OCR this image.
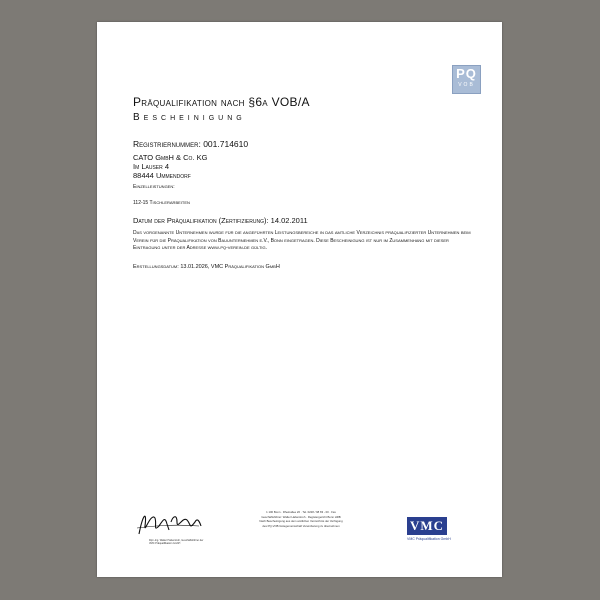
PQ
VOB
Präqualifikation nach §6a VOB/A
Bescheinigung
Registriernummer: 001.714610
CATO GmbH & Co. KG
Im Lauser 4
88444 Ummendorf
Einzelleistungen:
112-15 Tischlerarbeiten
Datum der Präqualifikation (Zertifizierung): 14.02.2011
Das vorgenannte Unternehmen wurde für die angeführten Leistungsbereiche in das amtliche Verzeichnis präqualifizierter Unternehmen beim Verein für die Präqualifikation von Bauunternehmen e.V., Bonn eingetragen. Diese Bescheinigung ist nur im Zusammenhang mit dieser Eintragung unter der Adresse www.pq-verein.de gültig.
Erstellungsdatum: 13.01.2026, VMC Präqualifikation GmbH
Dipl.-Ing. Walter Haberstroh, Geschäftsführer der VMC Präqualifikation GmbH
1 100 Bonn · Rheinallee 20 · Tel. 0228 / 98 83 - 00 · Fax
Geschäftsführer: Walter Haberstroh · Registergericht Bonn HRB
Nach Bescheinigung aus dem amtlichen Verzeichnis der Verfügung
des PQ-VOB Gütegemeinschaft Vereinbarung zu übernehmen	VMC
VMC Präqualifikation GmbH
